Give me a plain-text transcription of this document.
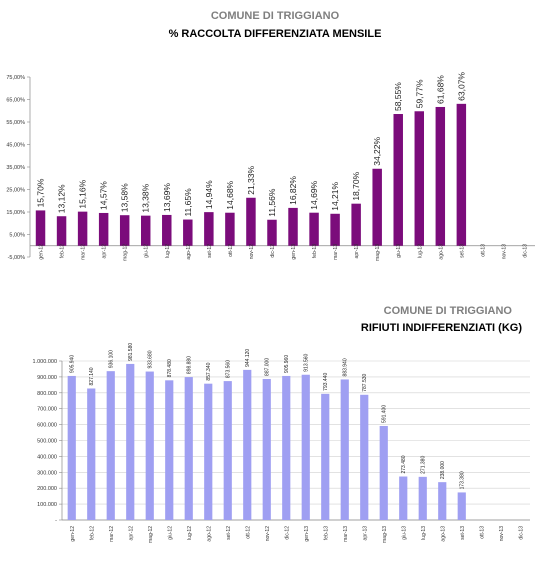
COMUNE DI TRIGGIANO
% RACCOLTA DIFFERENZIATA MENSILE
-5,00%
5,00%
15,00%
25,00%
35,00%
45,00%
55,00%
65,00%
75,00%
15,70%
gen-12
13,12%
feb-12
15,16%
mar-12
14,57%
apr-12
13,58%
mag-12
13,38%
giu-12
13,69%
lug-12
11,65%
ago-12
14,94%
set-12
14,68%
ott-12
21,33%
nov-12
11,56%
dic-12
16,82%
gen-13
14,69%
feb-13
14,21%
mar-13
18,70%
apr-13
34,22%
mag-13
58,55%
giu-13
59,77%
lug-13
61,68%
ago-13
63,07%
set-13	ott-13	nov-13	dic-13
COMUNE DI TRIGGIANO
RIFIUTI INDIFFERENZIATI (KG)
-
100.000
200.000
300.000
400.000
500.000
600.000
700.000
800.000
900.000
1.000.000	905.940
gen-12
827.140
feb-12
936.100
mar-12
981.580
apr-12
933.680
mag-12
878.480
giu-12
898.880
lug-12
857.340
ago-12
873.560
set-12
944.120
ott-12
887.000
nov-12
905.960
dic-12
913.560
gen-13
793.440
feb-13
883.940
mar-13
787.530
apr-13
591.400
mag-13
273.480
giu-13
271.380
lug-13
238.000
ago-13
173.380
set-13	ott-13	nov-13	dic-13
